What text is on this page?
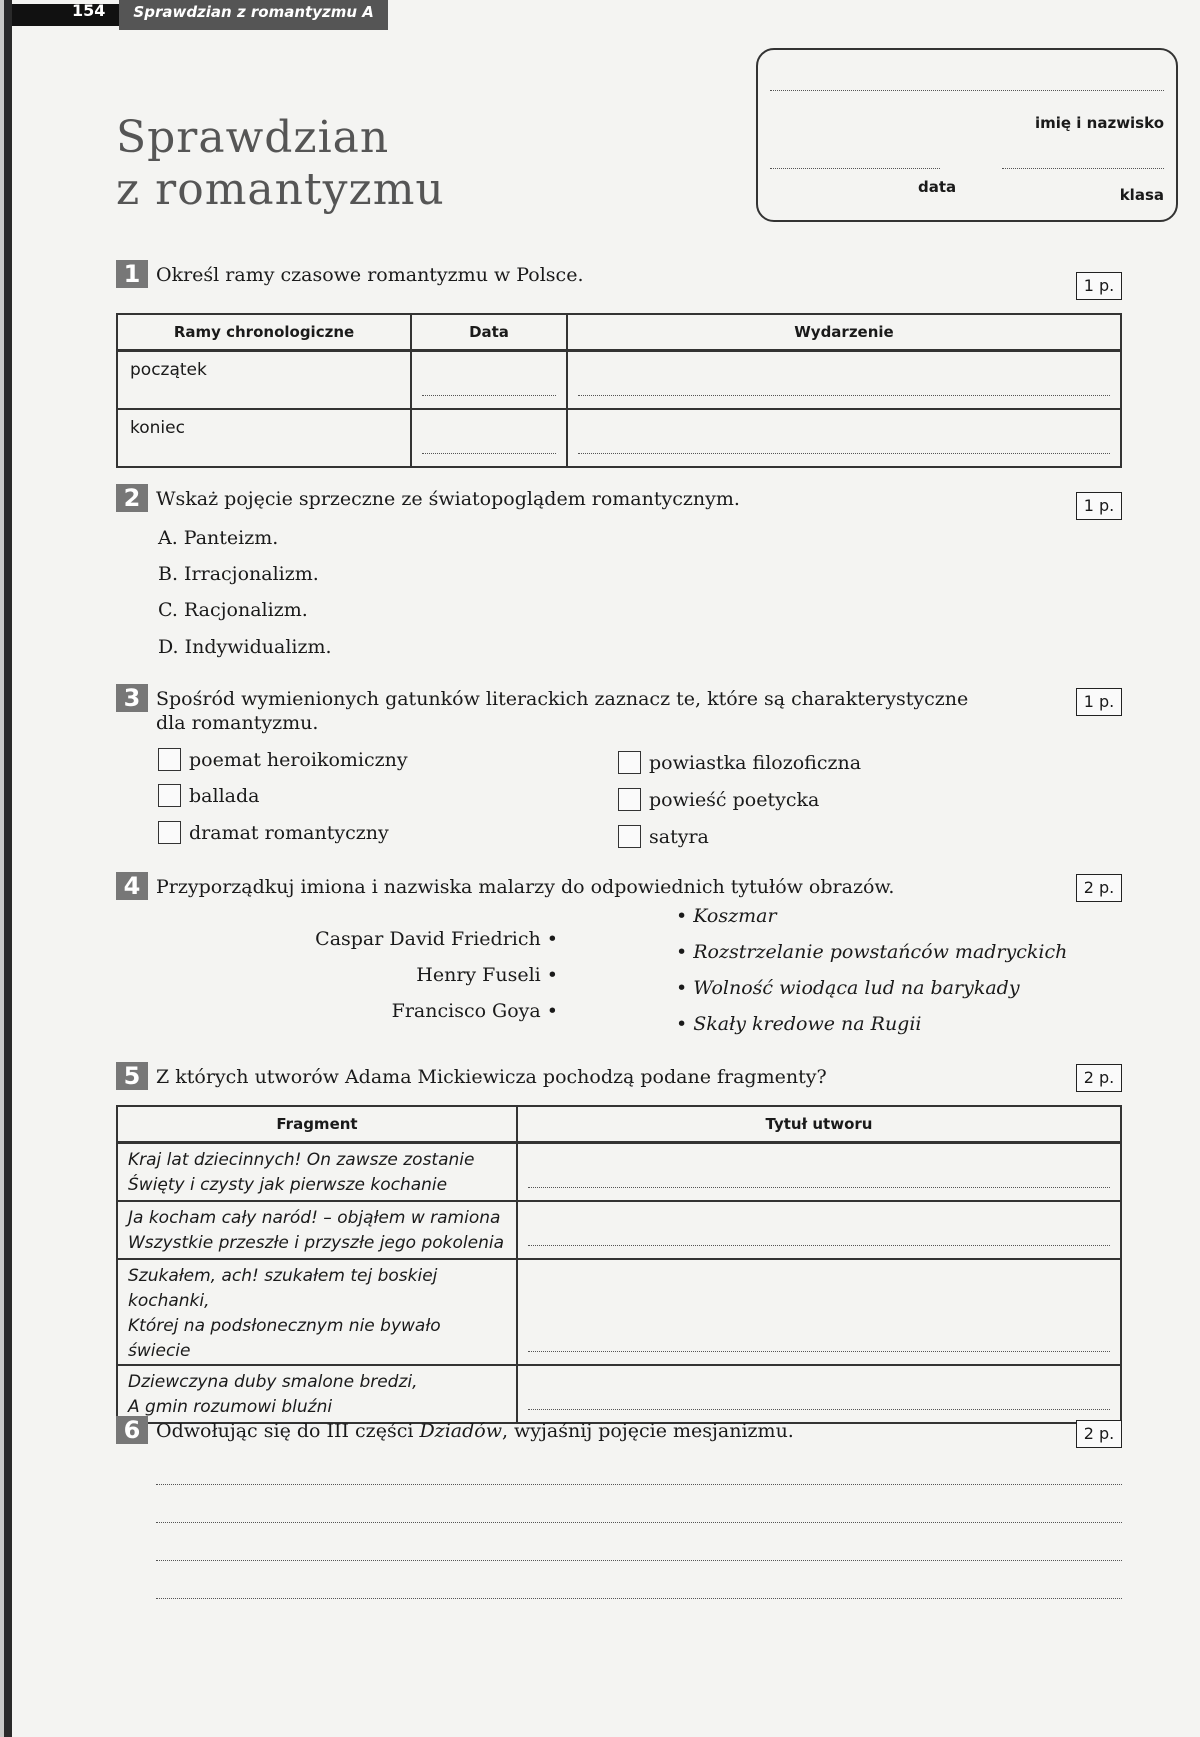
154	Sprawdzian z romantyzmu A
Sprawdzian
z romantyzmu
imię i nazwisko
data	klasa
1 Określ ramy czasowe romantyzmu w Polsce.	1 p.
Ramy chronologiczne	Data	Wydarzenie
początek	

koniec	

2 Wskaż pojęcie sprzeczne ze światopoglądem romantycznym.	1 p.
A. Panteizm.
B. Irracjonalizm.
C. Racjonalizm.
D. Indywidualizm.
3 Spośród wymienionych gatunków literackich zaznacz te, które są charakterystyczne
dla romantyzmu.
1 p.
poemat heroikomiczny
ballada
dramat romantyczny
powiastka filozoficzna
powieść poetycka
satyra
4 Przyporządkuj imiona i nazwiska malarzy do odpowiednich tytułów obrazów.	2 p.
Caspar David Friedrich •
Henry Fuseli •
Francisco Goya •
• Koszmar
• Rozstrzelanie powstańców madryckich
• Wolność wiodąca lud na barykady
• Skały kredowe na Rugii
5 Z których utworów Adama Mickiewicza pochodzą podane fragmenty?	2 p.
Fragment	Tytuł utworu

Kraj lat dziecinnych! On zawsze zostanie
Święty i czysty jak pierwsze kochanie	

Ja kocham cały naród! – objąłem w ramiona
Wszystkie przeszłe i przyszłe jego pokolenia	

Szukałem, ach! szukałem tej boskiej kochanki,
Której na podsłonecznym nie bywało świecie	

Dziewczyna duby smalone bredzi,
A gmin rozumowi bluźni	

6 Odwołując się do III części Dziadów, wyjaśnij pojęcie mesjanizmu.	2 p.
